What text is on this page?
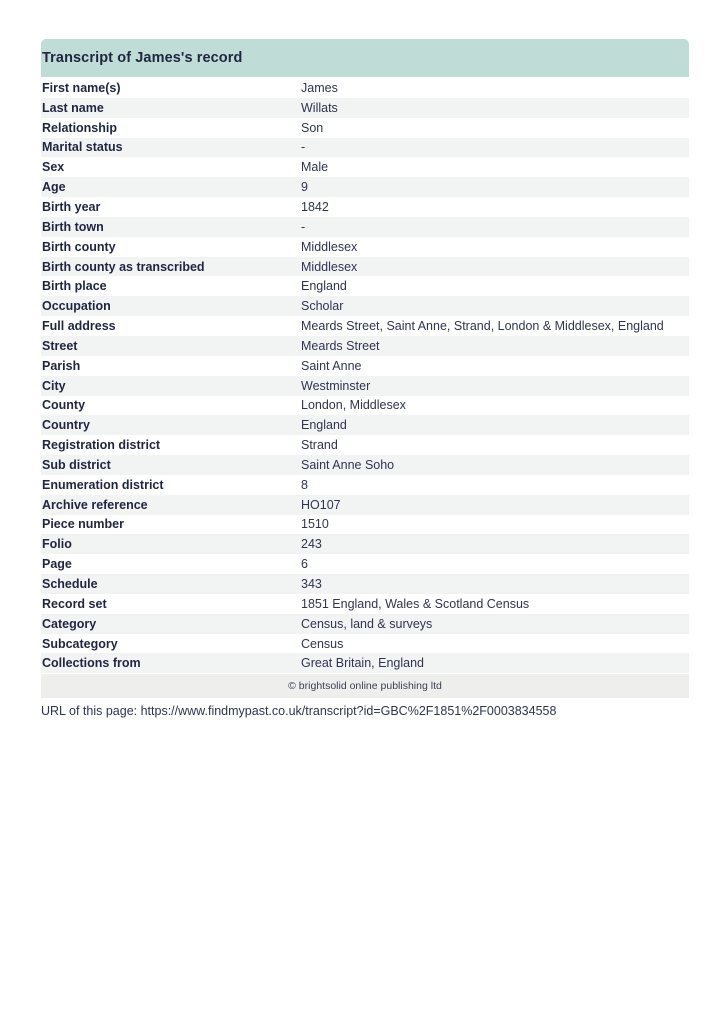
Transcript of James's record
First name(s)	James
Last name	Willats
Relationship	Son
Marital status	-
Sex	Male
Age	9
Birth year	1842
Birth town	-
Birth county	Middlesex
Birth county as transcribed	Middlesex
Birth place	England
Occupation	Scholar
Full address	Meards Street, Saint Anne, Strand, London & Middlesex, England
Street	Meards Street
Parish	Saint Anne
City	Westminster
County	London, Middlesex
Country	England
Registration district	Strand
Sub district	Saint Anne Soho
Enumeration district	8
Archive reference	HO107
Piece number	1510
Folio	243
Page	6
Schedule	343
Record set	1851 England, Wales & Scotland Census
Category	Census, land & surveys
Subcategory	Census
Collections from	Great Britain, England
© brightsolid online publishing ltd
URL of this page: https://www.findmypast.co.uk/transcript?id=GBC%2F1851%2F0003834558
